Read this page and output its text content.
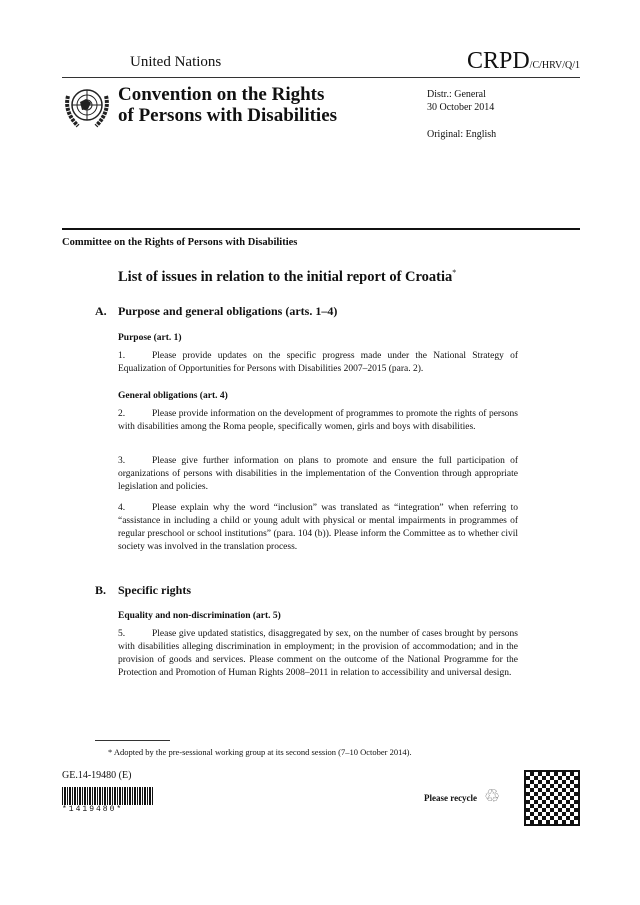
United Nations	CRPD/C/HRV/Q/1
Convention on the Rights
of Persons with Disabilities
Distr.: General
30 October 2014
Original: English
Committee on the Rights of Persons with Disabilities
List of issues in relation to the initial report of Croatia*
A. Purpose and general obligations (arts. 1–4)
Purpose (art. 1)
1.	Please provide updates on the specific progress made under the National Strategy of Equalization of Opportunities for Persons with Disabilities 2007–2015 (para. 2).
General obligations (art. 4)
2.	Please provide information on the development of programmes to promote the rights of persons with disabilities among the Roma people, specifically women, girls and boys with disabilities.
3.	Please give further information on plans to promote and ensure the full participation of organizations of persons with disabilities in the implementation of the Convention through appropriate legislation and policies.
4.	Please explain why the word “inclusion” was translated as “integration” when referring to “assistance in including a child or young adult with physical or mental impairments in programmes of regular preschool or school institutions” (para. 104 (b)). Please inform the Committee as to whether civil society was involved in the translation process.
B. Specific rights
Equality and non-discrimination (art. 5)
5.	Please give updated statistics, disaggregated by sex, on the number of cases brought by persons with disabilities alleging discrimination in employment; in the provision of accommodation; and in the provision of goods and services. Please comment on the outcome of the National Programme for the Protection and Promotion of Human Rights 2008–2011 in relation to accessibility and universal design.
* Adopted by the pre-sessional working group at its second session (7–10 October 2014).
GE.14-19480 (E)
*1419480*
Please recycle ♲
